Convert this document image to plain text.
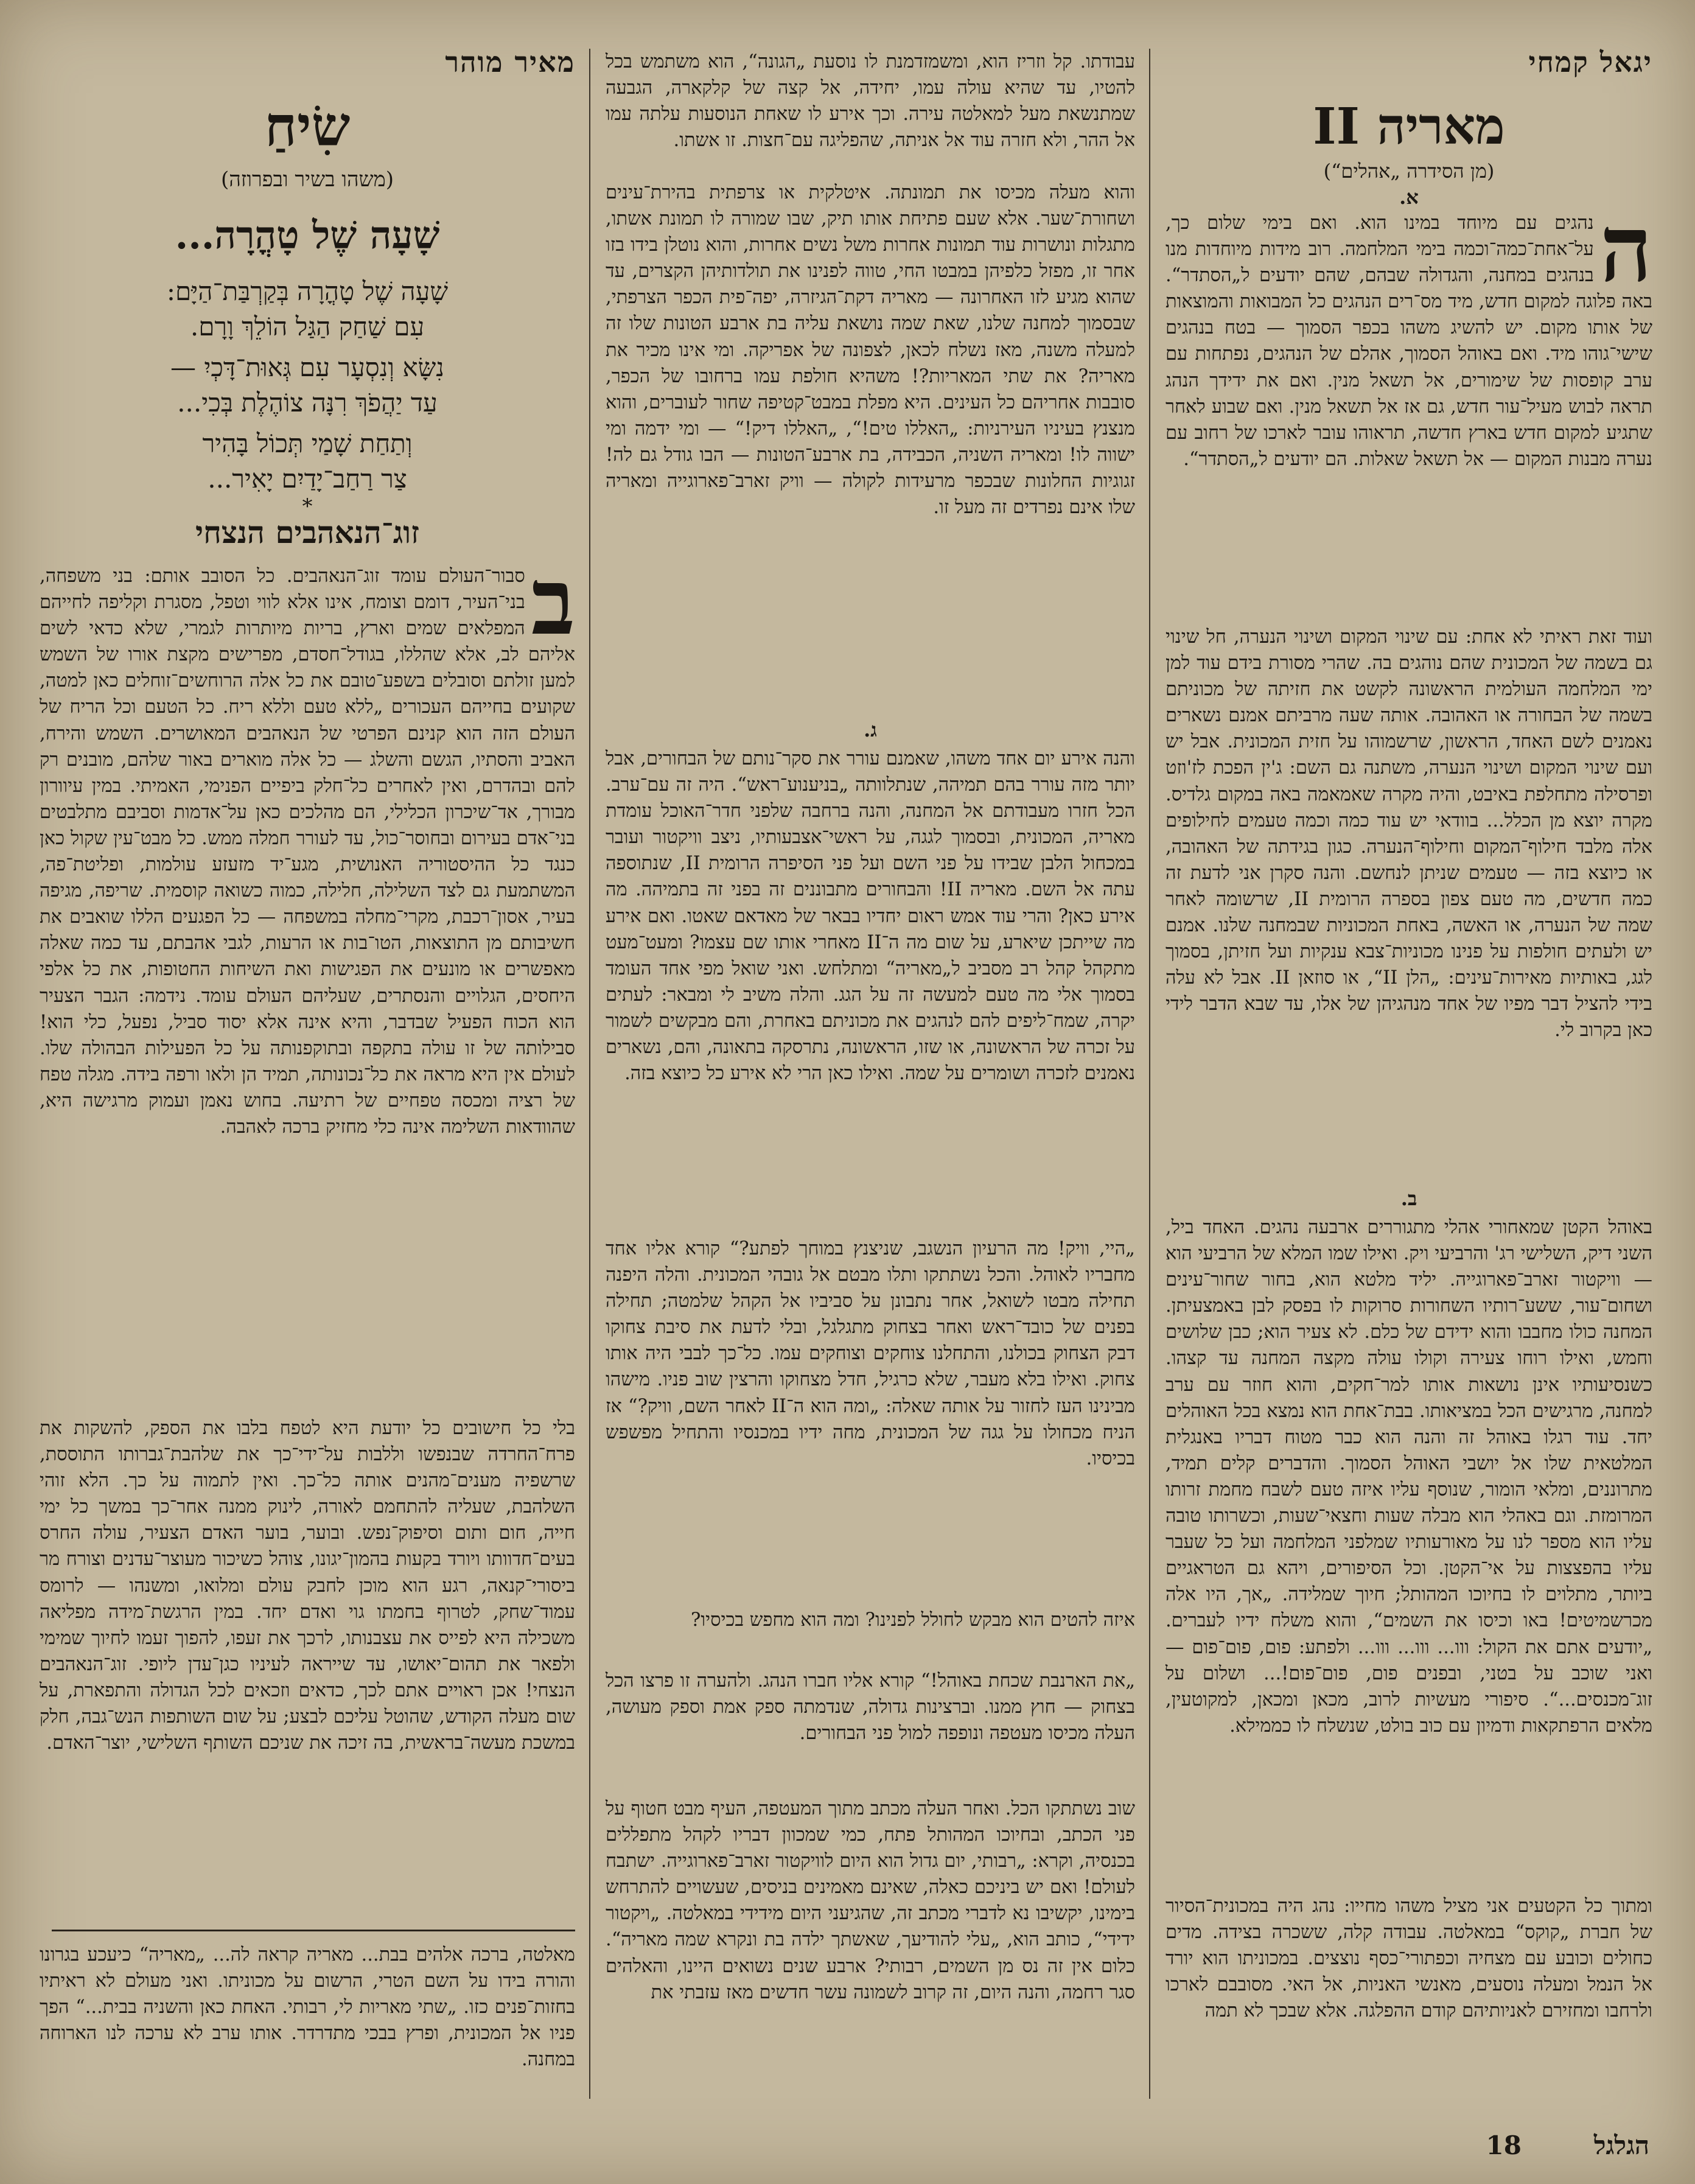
יגאל קמחי
מאריה II
(מן הסידרה „אהלים“)
א.	ה
נהגים עם מיוחד במינו הוא. ואם בימי שלום כך, על־אחת־כמה־וכמה בימי המלחמה. רוב מידות מיוחדות מנו בנהגים במחנה, והגדולה שבהם, שהם יודעים ל„הסתדר“. באה פלוגה למקום חדש, מיד מס־רים הנהגים כל המבואות והמוצאות של אותו מקום. יש להשיג משהו בכפר הסמוך — בטח בנהגים שישי־גוהו מיד. ואם באוהל הסמוך, אהלם של הנהגים, נפתחות עם ערב קופסות של שימורים, אל תשאל מנין. ואם את ידידך הנהג תראה לבוש מעיל־עור חדש, גם אז אל תשאל מנין. ואם שבוע לאחר שתגיע למקום חדש בארץ חדשה, תראוהו עובר לארכו של רחוב עם נערה מבנות המקום — אל תשאל שאלות. הם יודעים ל„הסתדר“.
ועוד זאת ראיתי לא אחת: עם שינוי המקום ושינוי הנערה, חל שינוי גם בשמה של המכונית שהם נוהגים בה. שהרי מסורת בידם עוד למן ימי המלחמה העולמית הראשונה לקשט את חזיתה של מכוניתם בשמה של הבחורה או האהובה. אותה שעה מרביתם אמנם נשארים נאמנים לשם האחד, הראשון, שרשמוהו על חזית המכונית. אבל יש ועם שינוי המקום ושינוי הנערה, משתנה גם השם: ג'ין הפכת לז'וזט ופרסילה מתחלפת באיבט, והיה מקרה שאמאמה באה במקום גלדיס. מקרה יוצא מן הכלל... בוודאי יש עוד כמה וכמה טעמים לחילופים אלה מלבד חילוף־המקום וחילוף־הנערה. כגון בגידתה של האהובה, או כיוצא בזה — טעמים שניתן לנחשם. והנה סקרן אני לדעת זה כמה חדשים, מה טעם צפון בספרה הרומית II, שרשומה לאחר שמה של הנערה, או האשה, באחת המכוניות שבמחנה שלנו. אמנם יש ולעתים חולפות על פנינו מכוניות־צבא ענקיות ועל חזיתן, בסמוך לגג, באותיות מאירות־עינים: „הלן II“, או סוזאן II. אבל לא עלה בידי להציל דבר מפיו של אחד מנהגיהן של אלו, עד שבא הדבר לידי כאן בקרוב לי.
ב.
באוהל הקטן שמאחורי אהלי מתגוררים ארבעה נהגים. האחד ביל, השני דיק, השלישי רג' והרביעי ויק. ואילו שמו המלא של הרביעי הוא — וויקטור זארב־פארוגייה. יליד מלטא הוא, בחור שחור־עינים ושחום־עור, ששע־רותיו השחורות סרוקות לו בפסק לבן באמצעיתן. המחנה כולו מחבבו והוא ידידם של כלם. לא צעיר הוא; כבן שלושים וחמש, ואילו רוחו צעירה וקולו עולה מקצה המחנה עד קצהו. כשנסיעותיו אינן נושאות אותו למר־חקים, והוא חוזר עם ערב למחנה, מרגישים הכל במציאותו. בבת־אחת הוא נמצא בכל האוהלים יחד. עוד רגלו באוהל זה והנה הוא כבר מטוח דבריו באנגלית המלטאית שלו אל יושבי האוהל הסמוך. והדברים קלים תמיד, מתרוננים, ומלאי הומור, שנוסף עליו איזה טעם לשבח מחמת זרותו המרומזת. וגם באהלי הוא מבלה שעות וחצאי־שעות, וכשרותו טובה עליו הוא מספר לנו על מאורעותיו שמלפני המלחמה ועל כל שעבר עליו בהפצצות על אי־הקטן. וכל הסיפורים, ויהא גם הטראגיים ביותר, מתלוים לו בחיוכו המהותל; חיוך שמלידה. „אך, היו אלה מכרשמיטים! באו וכיסו את השמים“, והוא משלח ידיו לעברים. „יודעים אתם את הקול: ווו... ווו... ווו... ולפתע: פום, פום־פום — ואני שוכב על בטני, ובפנים פום, פום־פום!... ושלום על זוג־מכנסים...“. סיפורי מעשיות לרוב, מכאן ומכאן, למקוטעין, מלאים הרפתקאות ודמיון עם כוב בולט, שנשלח לו כממילא.
ומתוך כל הקטעים אני מציל משהו מחייו: נהג היה במכונית־הסיור של חברת „קוקס“ במאלטה. עבודה קלה, ששכרה בצידה. מדים כחולים וכובע עם מצחיה וכפתורי־כסף נוצצים. במכוניתו הוא יורד אל הנמל ומעלה נוסעים, מאנשי האניות, אל האי. מסובבם לארכו ולרחבו ומחזירם לאניותיהם קודם ההפלגה. אלא שבכך לא תמה
עבודתו. קל וזריז הוא, ומשמזדמנת לו נוסעת „הגונה“, הוא משתמש בכל להטיו, עד שהיא עולה עמו, יחידה, אל קצה של קלקארה, הגבעה שמתנשאת מעל למאלטה עירה. וכך אירע לו שאחת הנוסעות עלתה עמו אל ההר, ולא חזרה עוד אל אניתה, שהפליגה עם־חצות. זו אשתו.
והוא מעלה מכיסו את תמונתה. איטלקית או צרפתית בהירת־עינים ושחורת־שער. אלא שעם פתיחת אותו תיק, שבו שמורה לו תמונת אשתו, מתגלות ונושרות עוד תמונות אחרות משל נשים אחרות, והוא נוטלן בידו בזו אחר זו, מפזל כלפיהן במבטו החי, טווה לפנינו את תולדותיהן הקצרים, עד שהוא מגיע לזו האחרונה — מאריה דקת־הגיזרה, יפה־פית הכפר הצרפתי, שבסמוך למחנה שלנו, שאת שמה נושאת עליה בת ארבע הטונות שלו זה למעלה משנה, מאז נשלח לכאן, לצפונה של אפריקה. ומי אינו מכיר את מאריה? את שתי המאריות?! משהיא חולפת עמו ברחובו של הכפר, סובבות אחריהם כל העינים. היא מפלת במבט־קטיפה שחור לעוברים, והוא מנצנץ בעיניו העירניות: „האללו טים!“, „האללו דיק!“ — ומי ידמה ומי ישווה לו! ומאריה השניה, הכבידה, בת ארבע־הטונות — הבו גודל גם לה! זגוגיות החלונות שבכפר מרעידות לקולה — וויק זארב־פארוגייה ומאריה שלו אינם נפרדים זה מעל זו.
ג.
והנה אירע יום אחד משהו, שאמנם עורר את סקר־נותם של הבחורים, אבל יותר מזה עורר בהם תמיהה, שנתלוותה „בניענוע־ראש“. היה זה עם־ערב. הכל חזרו מעבודתם אל המחנה, והנה ברחבה שלפני חדר־האוכל עומדת מאריה, המכונית, ובסמוך לגגה, על ראשי־אצבעותיו, ניצב וויקטור ועובר במכחול הלבן שבידו על פני השם ועל פני הסיפרה הרומית II, שנתוספה עתה אל השם. מאריה II! והבחורים מתבוננים זה בפני זה בתמיהה. מה אירע כאן? והרי עוד אמש ראום יחדיו בבאר של מאדאם שאטו. ואם אירע מה שייתכן שיארע, על שום מה ה־II מאחרי אותו שם עצמו? ומעט־מעט מתקהל קהל רב מסביב ל„מאריה“ ומתלחש. ואני שואל מפי אחד העומד בסמוך אלי מה טעם למעשה זה על הגג. והלה משיב לי ומבאר: לעתים יקרה, שמח־ליפים להם לנהגים את מכוניתם באחרת, והם מבקשים לשמור על זכרה של הראשונה, או שזו, הראשונה, נתרסקה בתאונה, והם, נשארים נאמנים לזכרה ושומרים על שמה. ואילו כאן הרי לא אירע כל כיוצא בזה.
„היי, וויק! מה הרעיון הנשגב, שניצנץ במוחך לפתע?“ קורא אליו אחד מחבריו לאוהל. והכל נשתתקו ותלו מבטם אל גובהי המכונית. והלה היפנה תחילה מבטו לשואל, אחר נתבונן על סביביו אל הקהל שלמטה; תחילה בפנים של כובד־ראש ואחר בצחוק מתגלגל, ובלי לדעת את סיבת צחוקו דבק הצחוק בכולנו, והתחלנו צוחקים וצוחקים עמו. כל־כך לבבי היה אותו צחוק. ואילו בלא מעבר, שלא כרגיל, חדל מצחוקו והרצין שוב פניו. מישהו מבינינו העז לחזור על אותה שאלה: „ומה הוא ה־II לאחר השם, וויק?“ אז הניח מכחולו על גגה של המכונית, מחה ידיו במכנסיו והתחיל מפשפש בכיסיו.
איזה להטים הוא מבקש לחולל לפנינו? ומה הוא מחפש בכיסיו?
„את הארנבת שכחת באוהל!“ קורא אליו חברו הנהג. ולהערה זו פרצו הכל בצחוק — חוץ ממנו. וברצינות גדולה, שנדמתה ספק אמת וספק מעושה, העלה מכיסו מעטפה ונופפה למול פני הבחורים.
שוב נשתתקו הכל. ואחר העלה מכתב מתוך המעטפה, העיף מבט חטוף על פני הכתב, ובחיוכו המהותל פתח, כמי שמכוון דבריו לקהל מתפללים בכנסיה, וקרא: „רבותי, יום גדול הוא היום לוויקטור זארב־פארוגייה. ישתבח לעולם! ואם יש ביניכם כאלה, שאינם מאמינים בניסים, שעשויים להתרחש בימינו, יקשיבו נא לדברי מכתב זה, שהגיעני היום מידידי במאלטה. „ויקטור ידידי“, כותב הוא, „עלי להודיעך, שאשתך ילדה בת ונקרא שמה מאריה“. כלום אין זה נס מן השמים, רבותי? ארבע שנים נשואים היינו, והאלהים סגר רחמה, והנה היום, זה קרוב לשמונה עשר חדשים מאז עזבתי את
מאיר מוהר
שִׂיחַ
(משהו בשיר ובפרוזה)
שָׁעָה שֶׁל טָהֳרָה...
שָׁעָה שֶׁל טָהֳרָה בְּקַרְבַּת־הַיָּם:
עִם שַׁחַק הַגַּל הוֹלֵךְ וָרָם.
נִשָּׂא וְנִסְעָר עִם גְּאוּת־דָּכְיִ —
עַד יַהֲפֹךְ רִנָּה צוֹהֶלֶת בְּכִי...
וְתַחַת שָׁמַי תְּכוֹל בָּהִיר
צַר רַחַב־יָדַיִם יָאִיר...
*
זוג־הנאהבים הנצחי
ב
סבור־העולם עומד זוג־הנאהבים. כל הסובב אותם: בני משפחה, בני־העיר, דומם וצומח, אינו אלא לווי וטפל, מסגרת וקליפה לחייהם המפלאים שמים וארץ, בריות מיותרות לגמרי, שלא כדאי לשים אליהם לב, אלא שהללו, בגודל־חסדם, מפרישים מקצת אורו של השמש למען זולתם וסובלים בשפע־טובם את כל אלה הרוחשים־זוחלים כאן למטה, שקועים בחייהם העכורים „ללא טעם וללא ריח. כל הטעם וכל הריח של העולם הזה הוא קנינם הפרטי של הנאהבים המאושרים. השמש והירח, האביב והסתיו, הגשם והשלג — כל אלה מוארים באור שלהם, מובנים רק להם ובהדרם, ואין לאחרים כל־חלק ביפיים הפנימי, האמיתי. במין עיוורון מבורך, אד־שיכרון הכלילי, הם מהלכים כאן על־אדמות וסביבם מתלבטים בני־אדם בעירום ובחוסר־כול, עד לעורר חמלה ממש. כל מבט־עין שקול כאן כנגד כל ההיסטוריה האנושית, מגע־יד מזעזע עולמות, ופליטת־פה, המשתמעת גם לצד השלילה, חלילה, כמוה כשואה קוסמית. שריפה, מגיפה בעיר, אסון־רכבת, מקרי־מחלה במשפחה — כל הפגעים הללו שואבים את חשיבותם מן התוצאות, הטו־בות או הרעות, לגבי אהבתם, עד כמה שאלה מאפשרים או מונעים את הפגישות ואת השיחות החטופות, את כל אלפי היחסים, הגלויים והנסתרים, שעליהם העולם עומד. נידמה: הגבר הצעיר הוא הכוח הפעיל שבדבר, והיא אינה אלא יסוד סביל, נפעל, כלי הוא! סבילותה של זו עולה בתקפה ובתוקפנותה על כל הפעילות הבהולה שלו. לעולם אין היא מראה את כל־נכונותה, תמיד הן ולאו ורפה בידה. מגלה טפח של רציה ומכסה טפחיים של רתיעה. בחוש נאמן ועמוק מרגישה היא, שהוודאות השלימה אינה כלי מחזיק ברכה לאהבה.
בלי כל חישובים כל יודעת היא לטפח בלבו את הספק, להשקות את פרח־החרדה שבנפשו וללבות על־ידי־כך את שלהבת־גברותו התוססת, שרשפיה מענים־מהנים אותה כל־כך. ואין לתמוה על כך. הלא זוהי השלהבת, שעליה להתחמם לאורה, לינוק ממנה אחר־כך במשך כל ימי חייה, חום ותום וסיפוק־נפש. ובוער, בוער האדם הצעיר, עולה החרס בעים־חדוותו ויורד בקעות בהמון־יגונו, צוהל כשיכור מעוצר־עדנים וצורח מר ביסורי־קנאה, רגע הוא מוכן לחבק עולם ומלואו, ומשנהו — לרומס עמוד־שחק, לטרוף בחמתו גוי ואדם יחד. במין הרגשת־מידה מפליאה משכילה היא לפייס את עצבנותו, לרכך את זעפו, להפוך זעמו לחיוך שמימי ולפאר את תהום־יאושו, עד שייראה לעיניו כגן־עדן ליופי. זוג־הנאהבים הנצחי! אכן ראויים אתם לכך, כדאים וזכאים לכל הגדולה והתפארת, על שום מעלה הקודש, שהוטל עליכם לבצע; על שום השותפות הנש־גבה, חלק במשכת מעשה־בראשית, בה זיכה את שניכם השותף השלישי, יוצר־האדם.
מאלטה, ברכה אלהים בבת... מאריה קראה לה... „מאריה“ כיעכע בגרונו והורה בידו על השם הטרי, הרשום על מכוניתו. ואני מעולם לא ראיתיו בחזות־פנים כזו. „שתי מאריות לי, רבותי. האחת כאן והשניה בבית...“ הפך פניו אל המכונית, ופרץ בבכי מתדרדר. אותו ערב לא ערכה לנו הארוחה במחנה.
הגלגל
18
